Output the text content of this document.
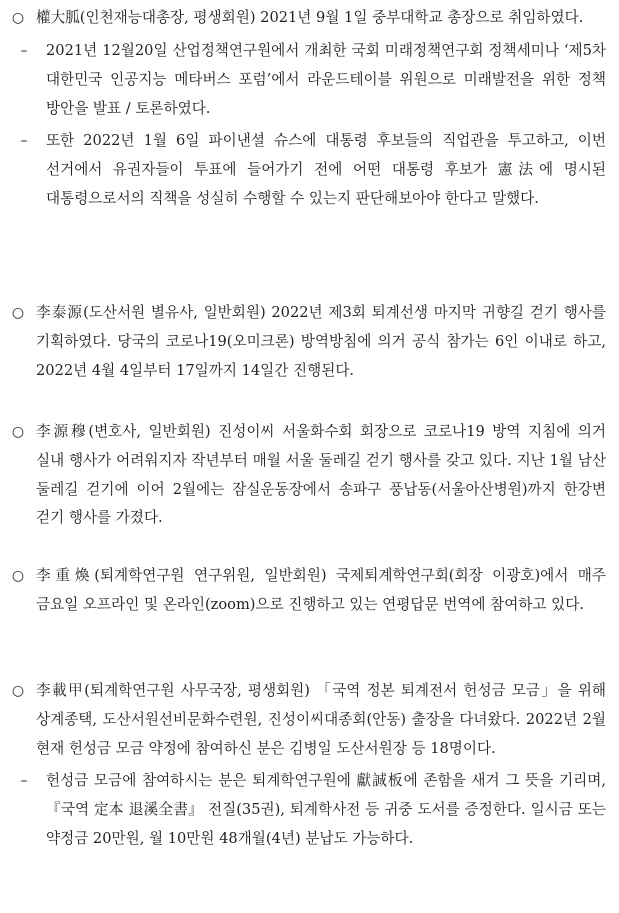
○ 權大胍(인천재능대총장, 평생회원) 2021년 9월 1일 중부대학교 총장으로 취임하였다.
–	2021년 12월20일 산업정책연구원에서 개최한 국회 미래정책연구회 정책세미나 ‘제5차 대한민국 인공지능 메타버스 포럼’에서 라운드테이블 위원으로 미래발전을 위한 정책 방안을 발표 / 토론하였다.
–	또한 2022년 1월 6일 파이낸셜 슈스에 대통령 후보들의 직업관을 투고하고, 이번 선거에서 유권자들이 투표에 들어가기 전에 어떤 대통령 후보가 憲法에 명시된 대통령으로서의 직책을 성실히 수행할 수 있는지 판단해보아야 한다고 말했다.
○ 李泰源(도산서원 별유사, 일반회원) 2022년 제3회 퇴계선생 마지막 귀향길 걷기 행사를 기획하였다. 당국의 코로나19(오미크론) 방역방침에 의거 공식 참가는 6인 이내로 하고, 2022년 4월 4일부터 17일까지 14일간 진행된다.
○ 李源穆(변호사, 일반회원) 진성이씨 서울화수회 회장으로 코로나19 방역 지침에 의거 실내 행사가 어려워지자 작년부터 매월 서울 둘레길 걷기 행사를 갖고 있다. 지난 1월 남산 둘레길 걷기에 이어 2월에는 잠실운동장에서 송파구 풍납동(서울아산병원)까지 한강변 걷기 행사를 가졌다.
○ 李重煥(퇴계학연구원 연구위원, 일반회원) 국제퇴계학연구회(회장 이광호)에서 매주 금요일 오프라인 및 온라인(zoom)으로 진행하고 있는 연평답문 번역에 참여하고 있다.
○ 李載甲(퇴계학연구원 사무국장, 평생회원) 「국역 정본 퇴계전서 헌성금 모금」을 위해 상계종택, 도산서원선비문화수련원, 진성이씨대종회(안동) 출장을 다녀왔다. 2022년 2월 현재 헌성금 모금 약정에 참여하신 분은 김병일 도산서원장 등 18명이다.
–	헌성금 모금에 참여하시는 분은 퇴계학연구원에 獻誠板에 존함을 새겨 그 뜻을 기리며, 『국역 定本 退溪全書』 전질(35권), 퇴계학사전 등 귀중 도서를 증정한다. 일시금 또는 약정금 20만원, 월 10만원 48개월(4년) 분납도 가능하다.
